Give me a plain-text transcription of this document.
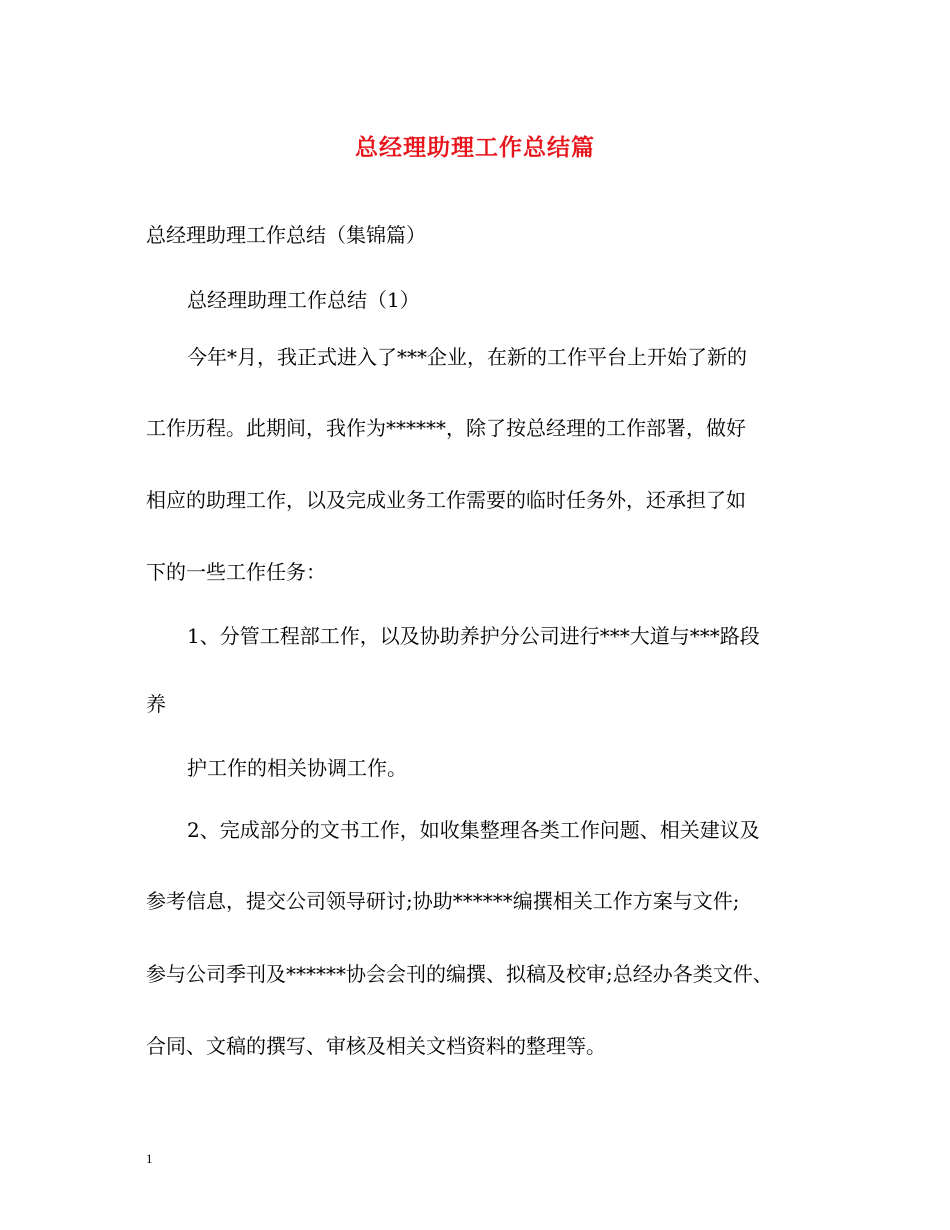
总经理助理工作总结篇
总经理助理工作总结（集锦篇）
总经理助理工作总结（1）
今年*月，我正式进入了***企业，在新的工作平台上开始了新的
工作历程。此期间，我作为******，除了按总经理的工作部署，做好
相应的助理工作，以及完成业务工作需要的临时任务外，还承担了如
下的一些工作任务：
1、分管工程部工作，以及协助养护分公司进行***大道与***路段
养
护工作的相关协调工作。
2、完成部分的文书工作，如收集整理各类工作问题、相关建议及
参考信息，提交公司领导研讨;协助******编撰相关工作方案与文件;
参与公司季刊及******协会会刊的编撰、拟稿及校审;总经办各类文件、
合同、文稿的撰写、审核及相关文档资料的整理等。
1
